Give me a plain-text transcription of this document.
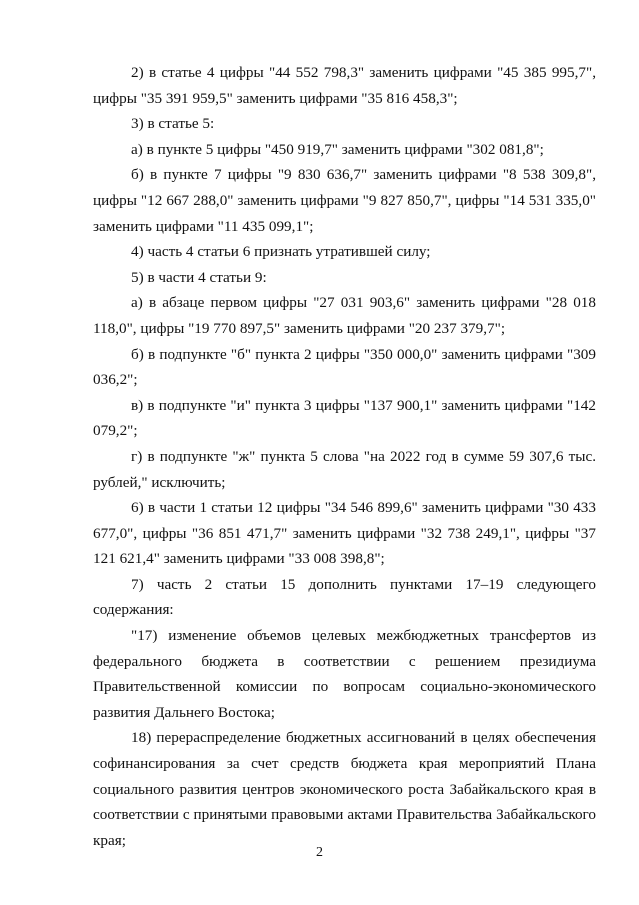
2) в статье 4 цифры "44 552 798,3" заменить цифрами "45 385 995,7", цифры "35 391 959,5" заменить цифрами "35 816 458,3";

3) в статье 5:

а) в пункте 5 цифры "450 919,7" заменить цифрами "302 081,8";

б) в пункте 7 цифры "9 830 636,7" заменить цифрами "8 538 309,8", цифры "12 667 288,0" заменить цифрами "9 827 850,7", цифры "14 531 335,0" заменить цифрами "11 435 099,1";

4) часть 4 статьи 6 признать утратившей силу;

5) в части 4 статьи 9:

а) в абзаце первом цифры "27 031 903,6" заменить цифрами "28 018 118,0", цифры "19 770 897,5" заменить цифрами "20 237 379,7";

б) в подпункте "б" пункта 2 цифры "350 000,0" заменить цифрами "309 036,2";

в) в подпункте "и" пункта 3 цифры "137 900,1" заменить цифрами "142 079,2";

г) в подпункте "ж" пункта 5 слова "на 2022 год в сумме 59 307,6 тыс. рублей," исключить;

6) в части 1 статьи 12 цифры "34 546 899,6" заменить цифрами "30 433 677,0", цифры "36 851 471,7" заменить цифрами "32 738 249,1", цифры "37 121 621,4" заменить цифрами "33 008 398,8";

7) часть 2 статьи 15 дополнить пунктами 17–19 следующего содержания:

"17) изменение объемов целевых межбюджетных трансфертов из федерального бюджета в соответствии с решением президиума Правительственной комиссии по вопросам социально-экономического развития Дальнего Востока;

18) перераспределение бюджетных ассигнований в целях обеспечения софинансирования за счет средств бюджета края мероприятий Плана социального развития центров экономического роста Забайкальского края в соответствии с принятыми правовыми актами Правительства Забайкальского края;

2
